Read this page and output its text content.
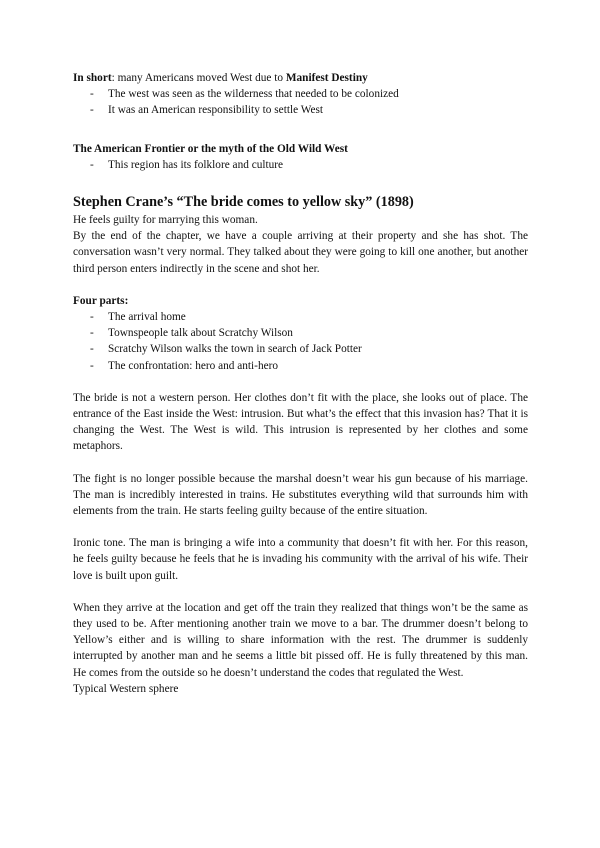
In short: many Americans moved West due to Manifest Destiny

- The west was seen as the wilderness that needed to be colonized
- It was an American responsibility to settle West

The American Frontier or the myth of the Old Wild West

- This region has its folklore and culture

Stephen Crane’s “The bride comes to yellow sky” (1898)

He feels guilty for marrying this woman.

By the end of the chapter, we have a couple arriving at their property and she has shot. The conversation wasn’t very normal. They talked about they were going to kill one another, but another third person enters indirectly in the scene and shot her.

Four parts:

- The arrival home
- Townspeople talk about Scratchy Wilson
- Scratchy Wilson walks the town in search of Jack Potter
- The confrontation: hero and anti-hero

The bride is not a western person. Her clothes don’t fit with the place, she looks out of place. The entrance of the East inside the West: intrusion. But what’s the effect that this invasion has? That it is changing the West. The West is wild. This intrusion is represented by her clothes and some metaphors.

The fight is no longer possible because the marshal doesn’t wear his gun because of his marriage. The man is incredibly interested in trains. He substitutes everything wild that surrounds him with elements from the train. He starts feeling guilty because of the entire situation.

Ironic tone. The man is bringing a wife into a community that doesn’t fit with her. For this reason, he feels guilty because he feels that he is invading his community with the arrival of his wife. Their love is built upon guilt.

When they arrive at the location and get off the train they realized that things won’t be the same as they used to be. After mentioning another train we move to a bar. The drummer doesn’t belong to Yellow’s either and is willing to share information with the rest. The drummer is suddenly interrupted by another man and he seems a little bit pissed off. He is fully threatened by this man. He comes from the outside so he doesn’t understand the codes that regulated the West.

Typical Western sphere
